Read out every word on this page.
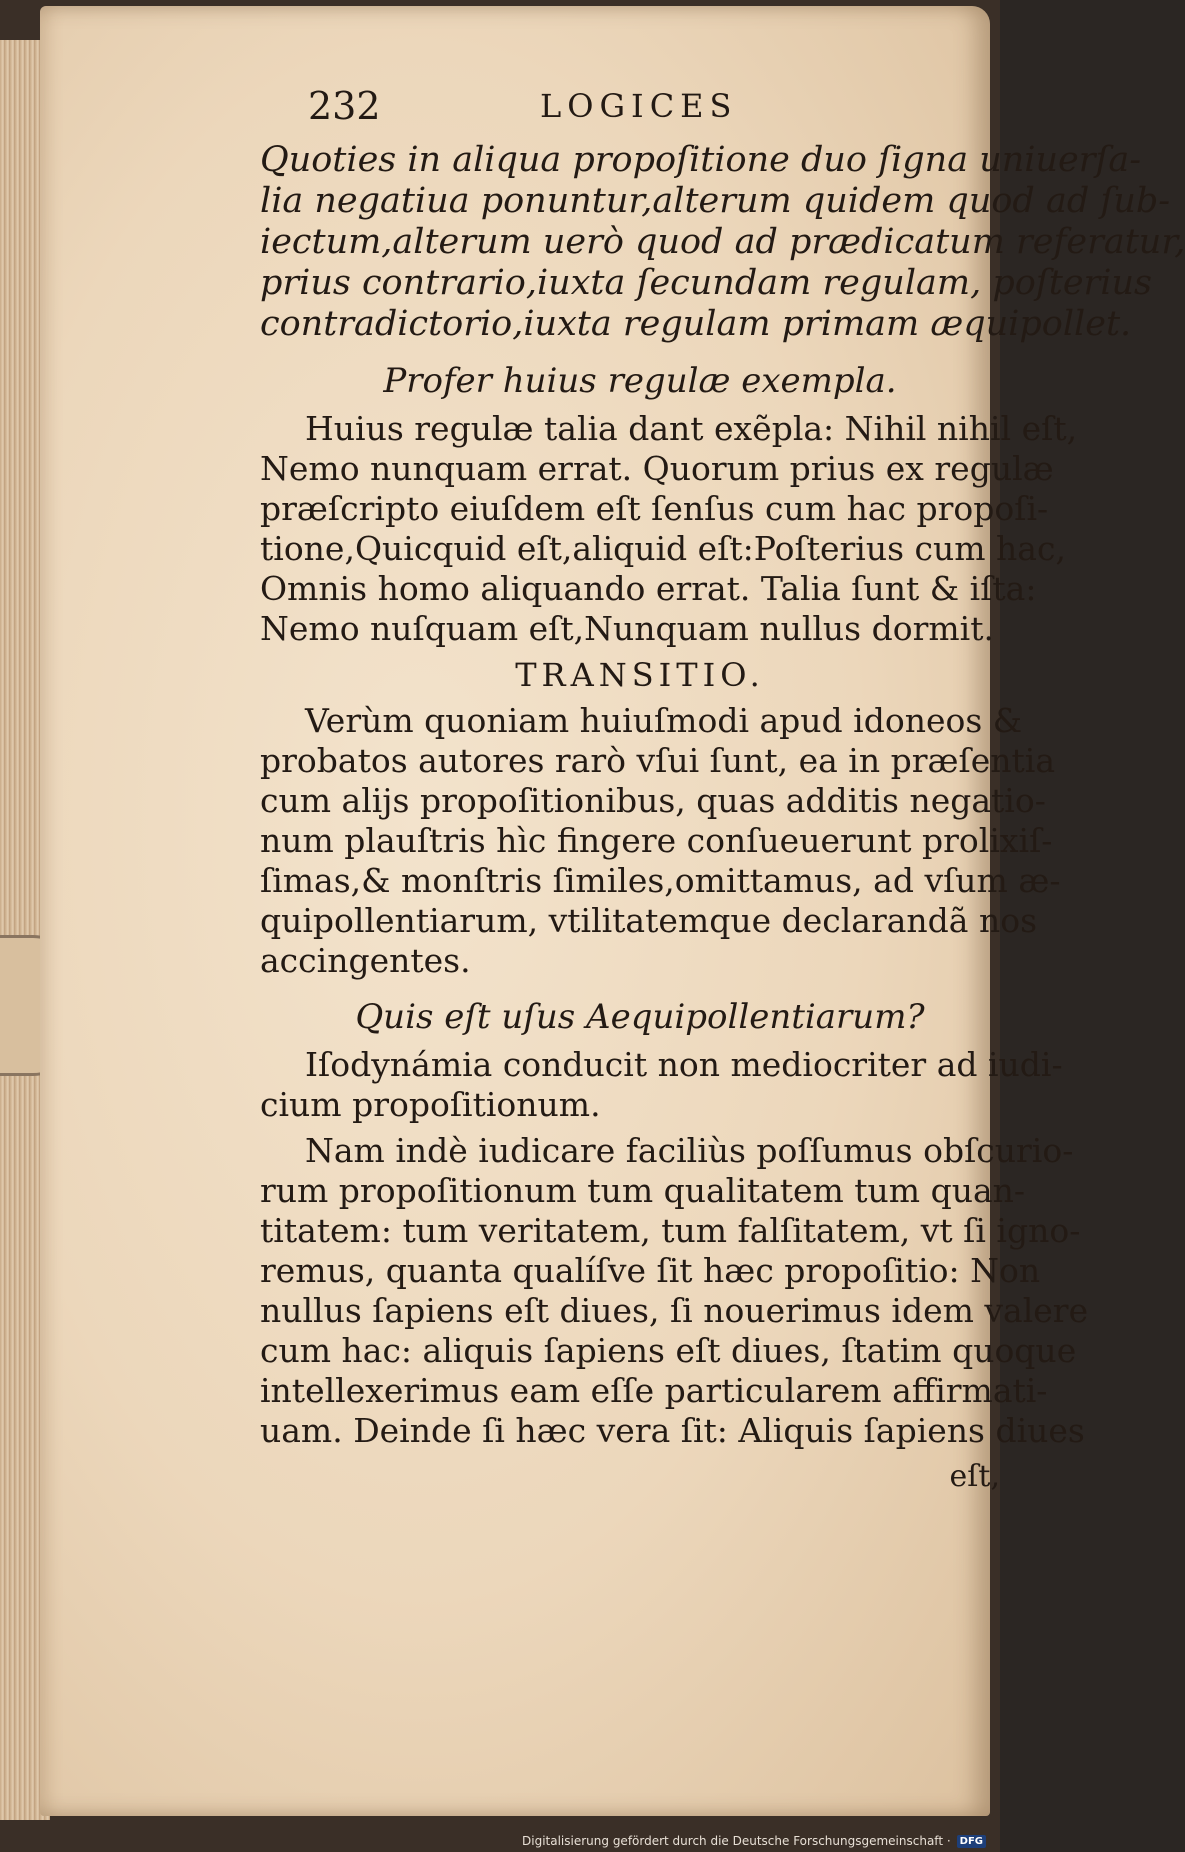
232	LOGICES

Quoties in aliqua propoſitione duo ſigna uniuerſa-

lia negatiua ponuntur,alterum quidem quod ad ſub-

iectum,alterum uerò quod ad prædicatum referatur,

prius contrario,iuxta ſecundam regulam, poſterius

contradictorio,iuxta regulam primam æquipollet.

Profer huius regulæ exempla.

Huius regulæ talia dant exẽpla: Nihil nihil eſt,

Nemo nunquam errat. Quorum prius ex regulæ

præſcripto eiuſdem eſt ſenſus cum hac propoſi-

tione,Quicquid eſt,aliquid eſt:Poſterius cum hac,

Omnis homo aliquando errat. Talia ſunt & iſta:

Nemo nuſquam eſt,Nunquam nullus dormit.

TRANSITIO.

Verùm quoniam huiuſmodi apud idoneos &

probatos autores rarò vſui ſunt, ea in præſentia

cum alijs propoſitionibus, quas additis negatio-

num plauſtris hìc fingere conſueuerunt prolixiſ-

ſimas,& monſtris ſimiles,omittamus, ad vſum æ-

quipollentiarum, vtilitatemque declarandã nos

accingentes.

Quis eſt uſus Aequipollentiarum?

Iſodynámia conducit non mediocriter ad iudi-

cium propoſitionum.

Nam indè iudicare faciliùs poſſumus obſcurio-

rum propoſitionum tum qualitatem tum quan-

titatem: tum veritatem, tum falſitatem, vt ſi igno-

remus, quanta qualíſve ſit hæc propoſitio: Non

nullus ſapiens eſt diues, ſi nouerimus idem valere

cum hac: aliquis ſapiens eſt diues, ſtatim quoque

intellexerimus eam eſſe particularem affirmati-

uam. Deinde ſi hæc vera ſit: Aliquis ſapiens diues

eſt,

Digitalisierung gefördert durch die Deutsche Forschungsgemeinschaft · DFG
